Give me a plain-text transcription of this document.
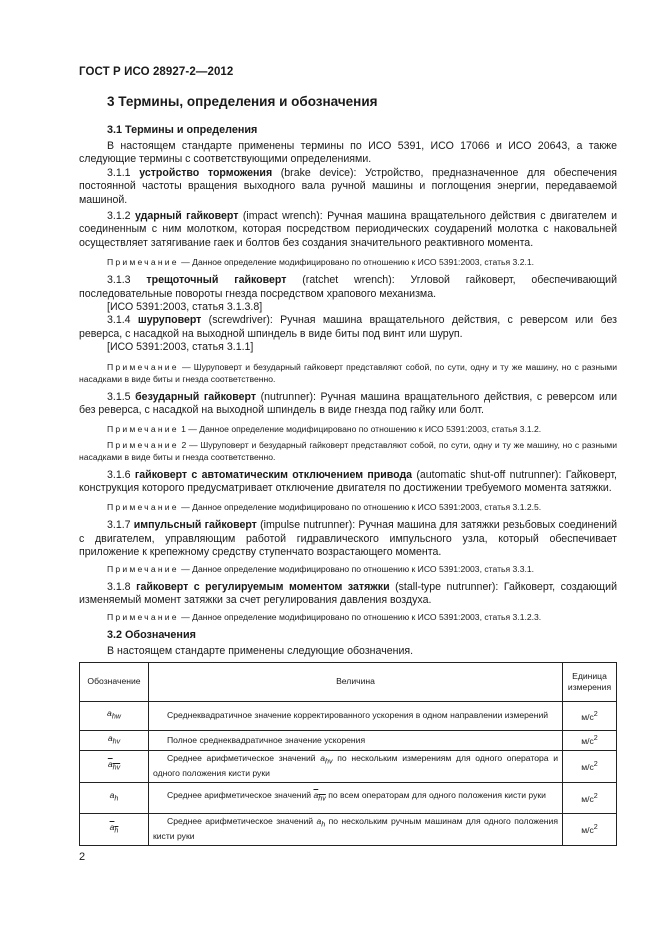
ГОСТ Р ИСО 28927-2—2012
3 Термины, определения и обозначения
3.1 Термины и определения

В настоящем стандарте применены термины по ИСО 5391, ИСО 17066 и ИСО 20643, а также следующие термины с соответствующими определениями.

3.1.1 устройство торможения (brake device): Устройство, предназначенное для обеспечения постоянной частоты вращения выходного вала ручной машины и поглощения энергии, передаваемой машиной.

3.1.2 ударный гайковерт (impact wrench): Ручная машина вращательного действия с двигателем и соединенным с ним молотком, которая посредством периодических соударений молотка с наковальней осуществляет затягивание гаек и болтов без создания значительного реактивного момента.

Примечание — Данное определение модифицировано по отношению к ИСО 5391:2003, статья 3.2.1.

3.1.3 трещоточный гайковерт (ratchet wrench): Угловой гайковерт, обеспечивающий последовательные повороты гнезда посредством храпового механизма.

[ИСО 5391:2003, статья 3.1.3.8]

3.1.4 шуруповерт (screwdriver): Ручная машина вращательного действия, с реверсом или без реверса, с насадкой на выходной шпиндель в виде биты под винт или шуруп.

[ИСО 5391:2003, статья 3.1.1]

Примечание — Шуруповерт и безударный гайковерт представляют собой, по сути, одну и ту же машину, но с разными насадками в виде биты и гнезда соответственно.

3.1.5 безударный гайковерт (nutrunner): Ручная машина вращательного действия, с реверсом или без реверса, с насадкой на выходной шпиндель в виде гнезда под гайку или болт.

Примечание 1 — Данное определение модифицировано по отношению к ИСО 5391:2003, статья 3.1.2.

Примечание 2 — Шуруповерт и безударный гайковерт представляют собой, по сути, одну и ту же машину, но с разными насадками в виде биты и гнезда соответственно.

3.1.6 гайковерт с автоматическим отключением привода (automatic shut-off nutrunner): Гайковерт, конструкция которого предусматривает отключение двигателя по достижении требуемого момента затяжки.

Примечание — Данное определение модифицировано по отношению к ИСО 5391:2003, статья 3.1.2.5.

3.1.7 импульсный гайковерт (impulse nutrunner): Ручная машина для затяжки резьбовых соединений с двигателем, управляющим работой гидравлического импульсного узла, который обеспечивает приложение к крепежному средству ступенчато возрастающего момента.

Примечание — Данное определение модифицировано по отношению к ИСО 5391:2003, статья 3.3.1.

3.1.8 гайковерт с регулируемым моментом затяжки (stall-type nutrunner): Гайковерт, создающий изменяемый момент затяжки за счет регулирования давления воздуха.

Примечание — Данное определение модифицировано по отношению к ИСО 5391:2003, статья 3.1.2.3.

3.2 Обозначения

В настоящем стандарте применены следующие обозначения.

Обозначение	Величина	Единица измерения
$a_{hw}$	Среднеквадратичное значение корректированного ускорения в одном направлении измерений	$м/с^2$
$a_{hv}$	Полное среднеквадратичное значение ускорения	$м/с^2$
$a_{hv}$	Среднее арифметическое значений $a_{hv}$ по нескольким измерениям для одного оператора и одного положения кисти руки	$м/с^2$
$a_h$	Среднее арифметическое значений $a_{hv}$ по всем операторам для одного положения кисти руки	$м/с^2$
$a_h$	Среднее арифметическое значений $a_h$ по нескольким ручным машинам для одного положения кисти руки	$м/с^2$
2
